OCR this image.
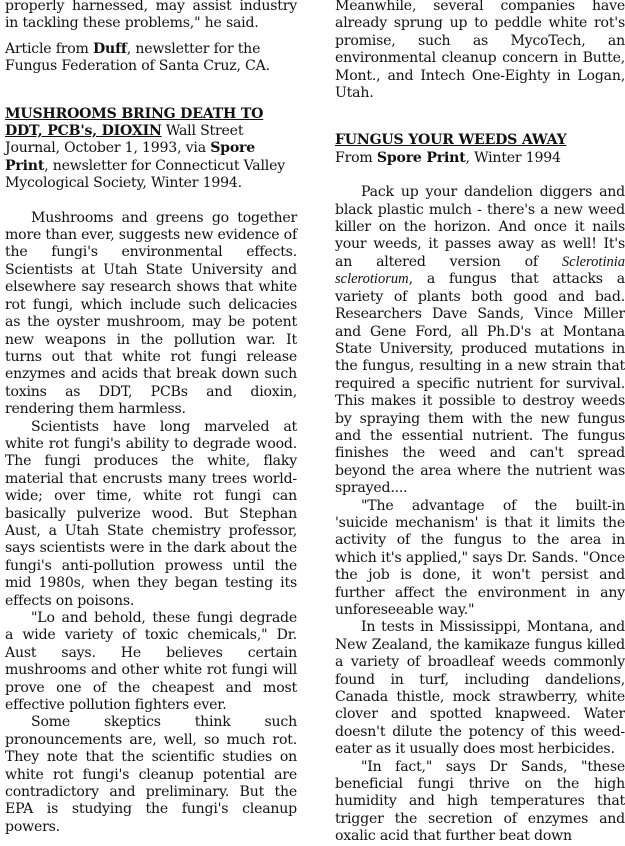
properly harnessed, may assist industry in tackling these problems," he said.

Article from Duff, newsletter for the Fungus Federation of Santa Cruz, CA.

MUSHROOMS BRING DEATH TO DDT, PCB's, DIOXIN Wall Street Journal, October 1, 1993, via Spore Print, newsletter for Connecticut Valley Mycological Society, Winter 1994.

Mushrooms and greens go together more than ever, suggests new evidence of the fungi's environmental effects. Scientists at Utah State University and elsewhere say research shows that white rot fungi, which include such delicacies as the oyster mushroom, may be potent new weapons in the pollution war. It turns out that white rot fungi release enzymes and acids that break down such toxins as DDT, PCBs and dioxin, rendering them harmless.

Scientists have long marveled at white rot fungi's ability to degrade wood. The fungi produces the white, flaky material that encrusts many trees world-wide; over time, white rot fungi can basically pulverize wood. But Stephan Aust, a Utah State chemistry professor, says scientists were in the dark about the fungi's anti-pollution prowess until the mid 1980s, when they began testing its effects on poisons.

"Lo and behold, these fungi degrade a wide variety of toxic chemicals," Dr. Aust says. He believes certain mushrooms and other white rot fungi will prove one of the cheapest and most effective pollution fighters ever.

Some skeptics think such pronouncements are, well, so much rot. They note that the scientific studies on white rot fungi's cleanup potential are contradictory and preliminary. But the EPA is studying the fungi's cleanup powers.

Meanwhile, several companies have already sprung up to peddle white rot's promise, such as MycoTech, an environmental cleanup concern in Butte, Mont., and Intech One-Eighty in Logan, Utah.

FUNGUS YOUR WEEDS AWAY
From Spore Print, Winter 1994

Pack up your dandelion diggers and black plastic mulch - there's a new weed killer on the horizon. And once it nails your weeds, it passes away as well! It's an altered version of Sclerotinia sclerotiorum, a fungus that attacks a variety of plants both good and bad. Researchers Dave Sands, Vince Miller and Gene Ford, all Ph.D's at Montana State University, produced mutations in the fungus, resulting in a new strain that required a specific nutrient for survival. This makes it possible to destroy weeds by spraying them with the new fungus and the essential nutrient. The fungus finishes the weed and can't spread beyond the area where the nutrient was sprayed....

"The advantage of the built-in 'suicide mechanism' is that it limits the activity of the fungus to the area in which it's applied," says Dr. Sands. "Once the job is done, it won't persist and further affect the environment in any unforeseeable way."

In tests in Mississippi, Montana, and New Zealand, the kamikaze fungus killed a variety of broadleaf weeds commonly found in turf, including dandelions, Canada thistle, mock strawberry, white clover and spotted knapweed. Water doesn't dilute the potency of this weed-eater as it usually does most herbicides.

"In fact," says Dr Sands, "these beneficial fungi thrive on the high humidity and high temperatures that trigger the secretion of enzymes and oxalic acid that further beat down
